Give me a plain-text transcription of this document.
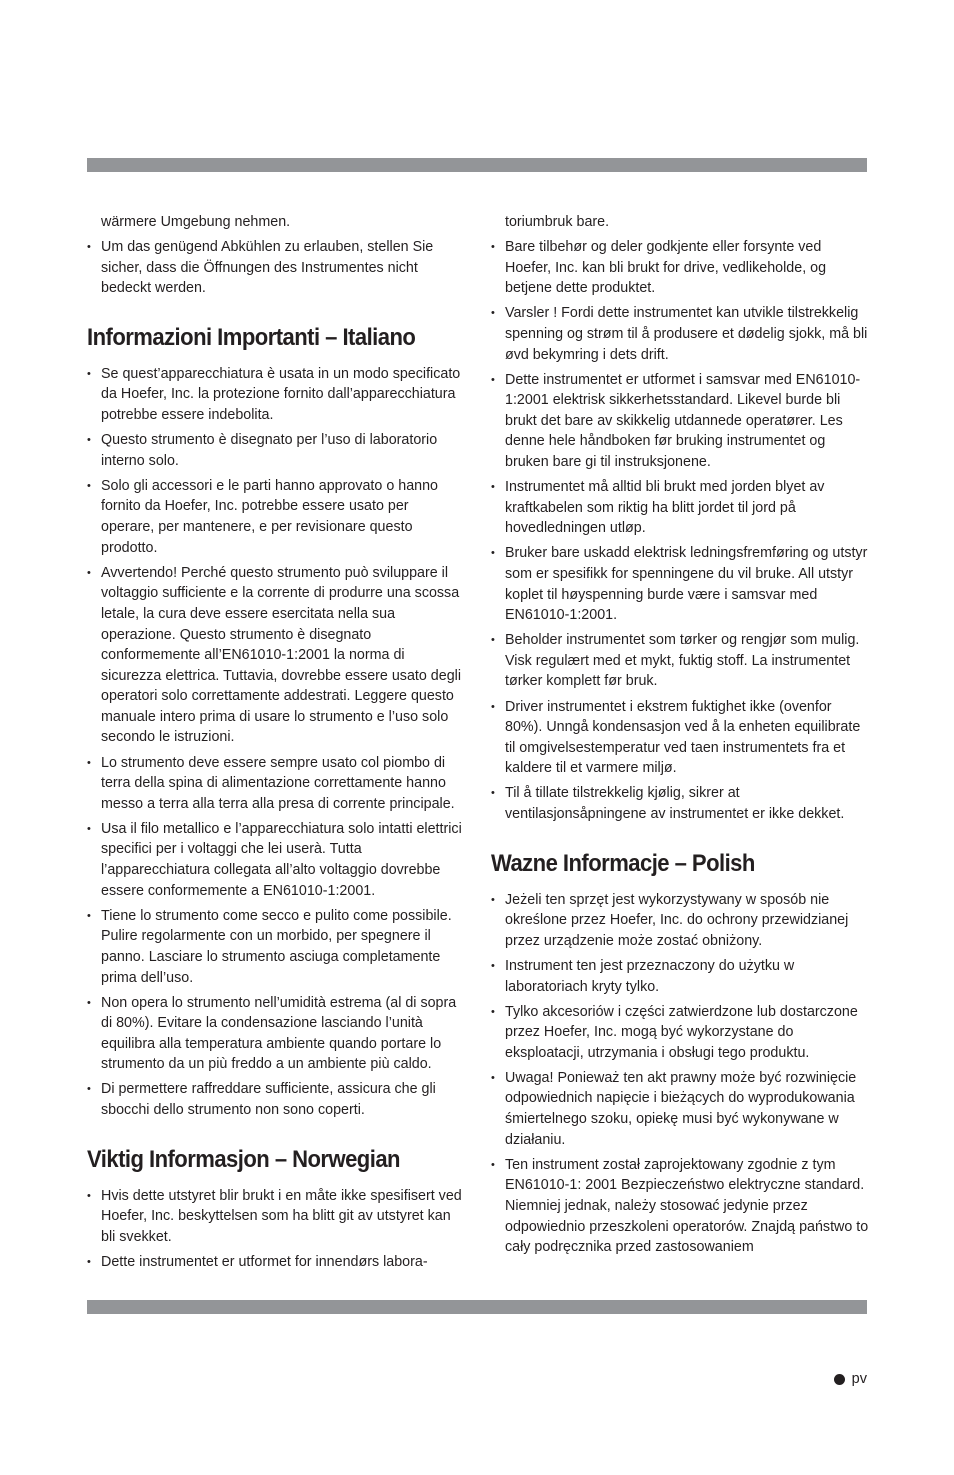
wärmere Umgebung nehmen.

• Um das genügend Abkühlen zu erlauben, stellen Sie sicher, dass die Öffnungen des Instrumentes nicht bedeckt werden.
Informazioni Importanti – Italiano
• Se quest’apparecchiatura è usata in un modo specificato da Hoefer, Inc. la protezione fornito dall’apparecchiatura potrebbe essere indebolita.
• Questo strumento è disegnato per l’uso di laboratorio interno solo.
• Solo gli accessori e le parti hanno approvato o hanno fornito da Hoefer, Inc. potrebbe essere usato per operare, per mantenere, e per revisionare questo prodotto.
• Avvertendo! Perché questo strumento può sviluppare il voltaggio sufficiente e la corrente di produrre una scossa letale, la cura deve essere esercitata nella sua operazione. Questo strumento è disegnato conformemente all’EN61010-1:2001 la norma di sicurezza elettrica. Tuttavia, dovrebbe essere usato degli operatori solo correttamente addestrati. Leggere questo manuale intero prima di usare lo strumento e l’uso solo secondo le istruzioni.
• Lo strumento deve essere sempre usato col piombo di terra della spina di alimentazione correttamente hanno messo a terra alla terra alla presa di corrente principale.
• Usa il filo metallico e l’apparecchiatura solo intatti elettrici specifici per i voltaggi che lei userà. Tutta l’apparecchiatura collegata all’alto voltaggio dovrebbe essere conformemente a EN61010-1:2001.
• Tiene lo strumento come secco e pulito come possibile. Pulire regolarmente con un morbido, per spegnere il panno. Lasciare lo strumento asciuga completamente prima dell’uso.
• Non opera lo strumento nell’umidità estrema (al di sopra di 80%). Evitare la condensazione lasciando l’unità equilibra alla temperatura ambiente quando portare lo strumento da un più freddo a un ambiente più caldo.
• Di permettere raffreddare sufficiente, assicura che gli sbocchi dello strumento non sono coperti.
Viktig Informasjon – Norwegian
• Hvis dette utstyret blir brukt i en måte ikke spesifisert ved Hoefer, Inc. beskyttelsen som ha blitt git av utstyret kan bli svekket.
• Dette instrumentet er utformet for innendørs labora-

toriumbruk bare.

• Bare tilbehør og deler godkjente eller forsynte ved Hoefer, Inc. kan bli brukt for drive, vedlikeholde, og betjene dette produktet.
• Varsler ! Fordi dette instrumentet kan utvikle tilstrekkelig spenning og strøm til å produsere et dødelig sjokk, må bli øvd bekymring i dets drift.
• Dette instrumentet er utformet i samsvar med EN61010-1:2001 elektrisk sikkerhetsstandard. Likevel burde bli brukt det bare av skikkelig utdannede operatører. Les denne hele håndboken før bruking instrumentet og bruken bare gi til instruksjonene.
• Instrumentet må alltid bli brukt med jorden blyet av kraftkabelen som riktig ha blitt jordet til jord på hovedledningen utløp.
• Bruker bare uskadd elektrisk ledningsfremføring og utstyr som er spesifikk for spenningene du vil bruke. All utstyr koplet til høyspenning burde være i samsvar med EN61010-1:2001.
• Beholder instrumentet som tørker og rengjør som mulig. Visk regulært med et mykt, fuktig stoff. La instrumentet tørker komplett før bruk.
• Driver instrumentet i ekstrem fuktighet ikke (ovenfor 80%). Unngå kondensasjon ved å la enheten equilibrate til omgivelsestemperatur ved taen instrumentets fra et kaldere til et varmere miljø.
• Til å tillate tilstrekkelig kjølig, sikrer at ventilasjonsåpningene av instrumentet er ikke dekket.
Wazne Informacje – Polish
• Jeżeli ten sprzęt jest wykorzystywany w sposób nie określone przez Hoefer, Inc. do ochrony przewidzianej przez urządzenie może zostać obniżony.
• Instrument ten jest przeznaczony do użytku w laboratoriach kryty tylko.
• Tylko akcesoriów i części zatwierdzone lub dostarczone przez Hoefer, Inc. mogą być wykorzystane do eksploatacji, utrzymania i obsługi tego produktu.
• Uwaga! Ponieważ ten akt prawny może być rozwinięcie odpowiednich napięcie i bieżących do wyprodukowania śmiertelnego szoku, opiekę musi być wykonywane w działaniu.
• Ten instrument został zaprojektowany zgodnie z tym EN61010-1: 2001 Bezpieczeństwo elektryczne standard. Niemniej jednak, należy stosować jedynie przez odpowiednio przeszkoleni operatorów. Znajdą państwo to cały podręcznika przed zastosowaniem
pv
